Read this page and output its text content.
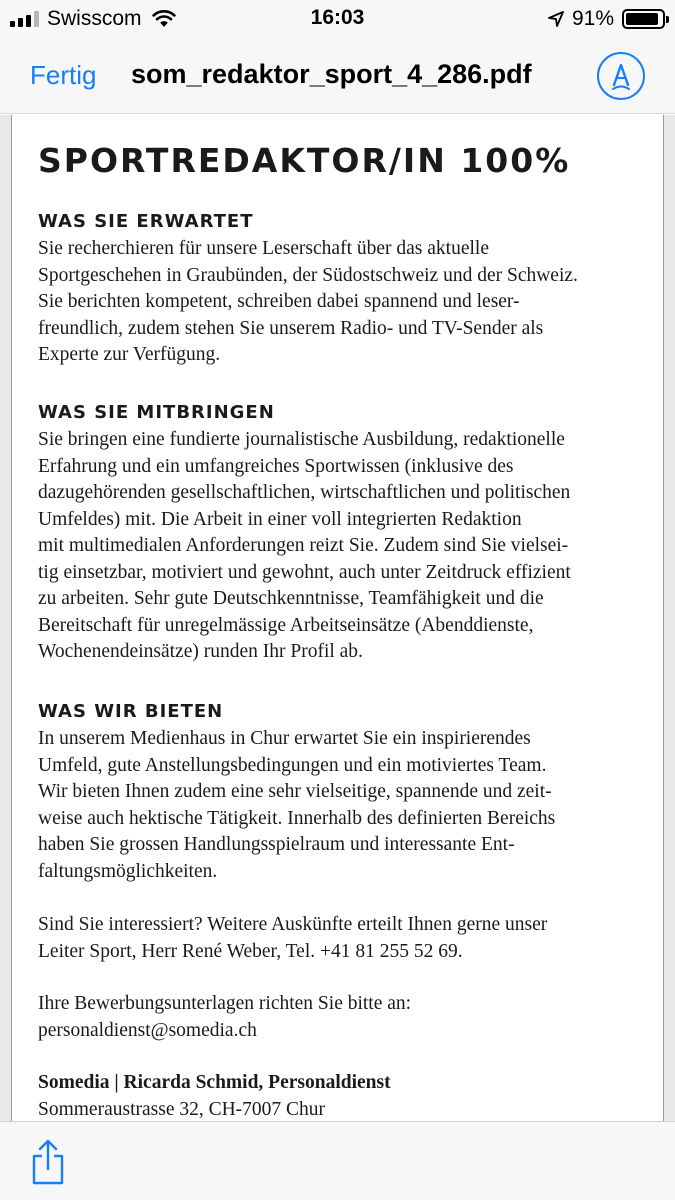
Swisscom	16:03	91%
Fertig som_redaktor_sport_4_286.pdf
SPORTREDAKTOR/IN 100%
WAS SIE ERWARTET
Sie recherchieren für unsere Leserschaft über das aktuelle
Sportgeschehen in Graubünden, der Südostschweiz und der Schweiz.
Sie berichten kompetent, schreiben dabei spannend und leser-
freundlich, zudem stehen Sie unserem Radio- und TV-Sender als
Experte zur Verfügung.
WAS SIE MITBRINGEN
Sie bringen eine fundierte journalistische Ausbildung, redaktionelle
Erfahrung und ein umfangreiches Sportwissen (inklusive des
dazugehörenden gesellschaftlichen, wirtschaftlichen und politischen
Umfeldes) mit. Die Arbeit in einer voll integrierten Redaktion
mit multimedialen Anforderungen reizt Sie. Zudem sind Sie vielsei-
tig einsetzbar, motiviert und gewohnt, auch unter Zeitdruck effizient
zu arbeiten. Sehr gute Deutschkenntnisse, Teamfähigkeit und die
Bereitschaft für unregelmässige Arbeitseinsätze (Abenddienste,
Wochenendeinsätze) runden Ihr Profil ab.
WAS WIR BIETEN
In unserem Medienhaus in Chur erwartet Sie ein inspirierendes
Umfeld, gute Anstellungsbedingungen und ein motiviertes Team.
Wir bieten Ihnen zudem eine sehr vielseitige, spannende und zeit-
weise auch hektische Tätigkeit. Innerhalb des definierten Bereichs
haben Sie grossen Handlungsspielraum und interessante Ent-
faltungsmöglichkeiten.
Sind Sie interessiert? Weitere Auskünfte erteilt Ihnen gerne unser
Leiter Sport, Herr René Weber, Tel. +41 81 255 52 69.
Ihre Bewerbungsunterlagen richten Sie bitte an:
personaldienst@somedia.ch
Somedia | Ricarda Schmid, Personaldienst
Sommeraustrasse 32, CH-7007 Chur
